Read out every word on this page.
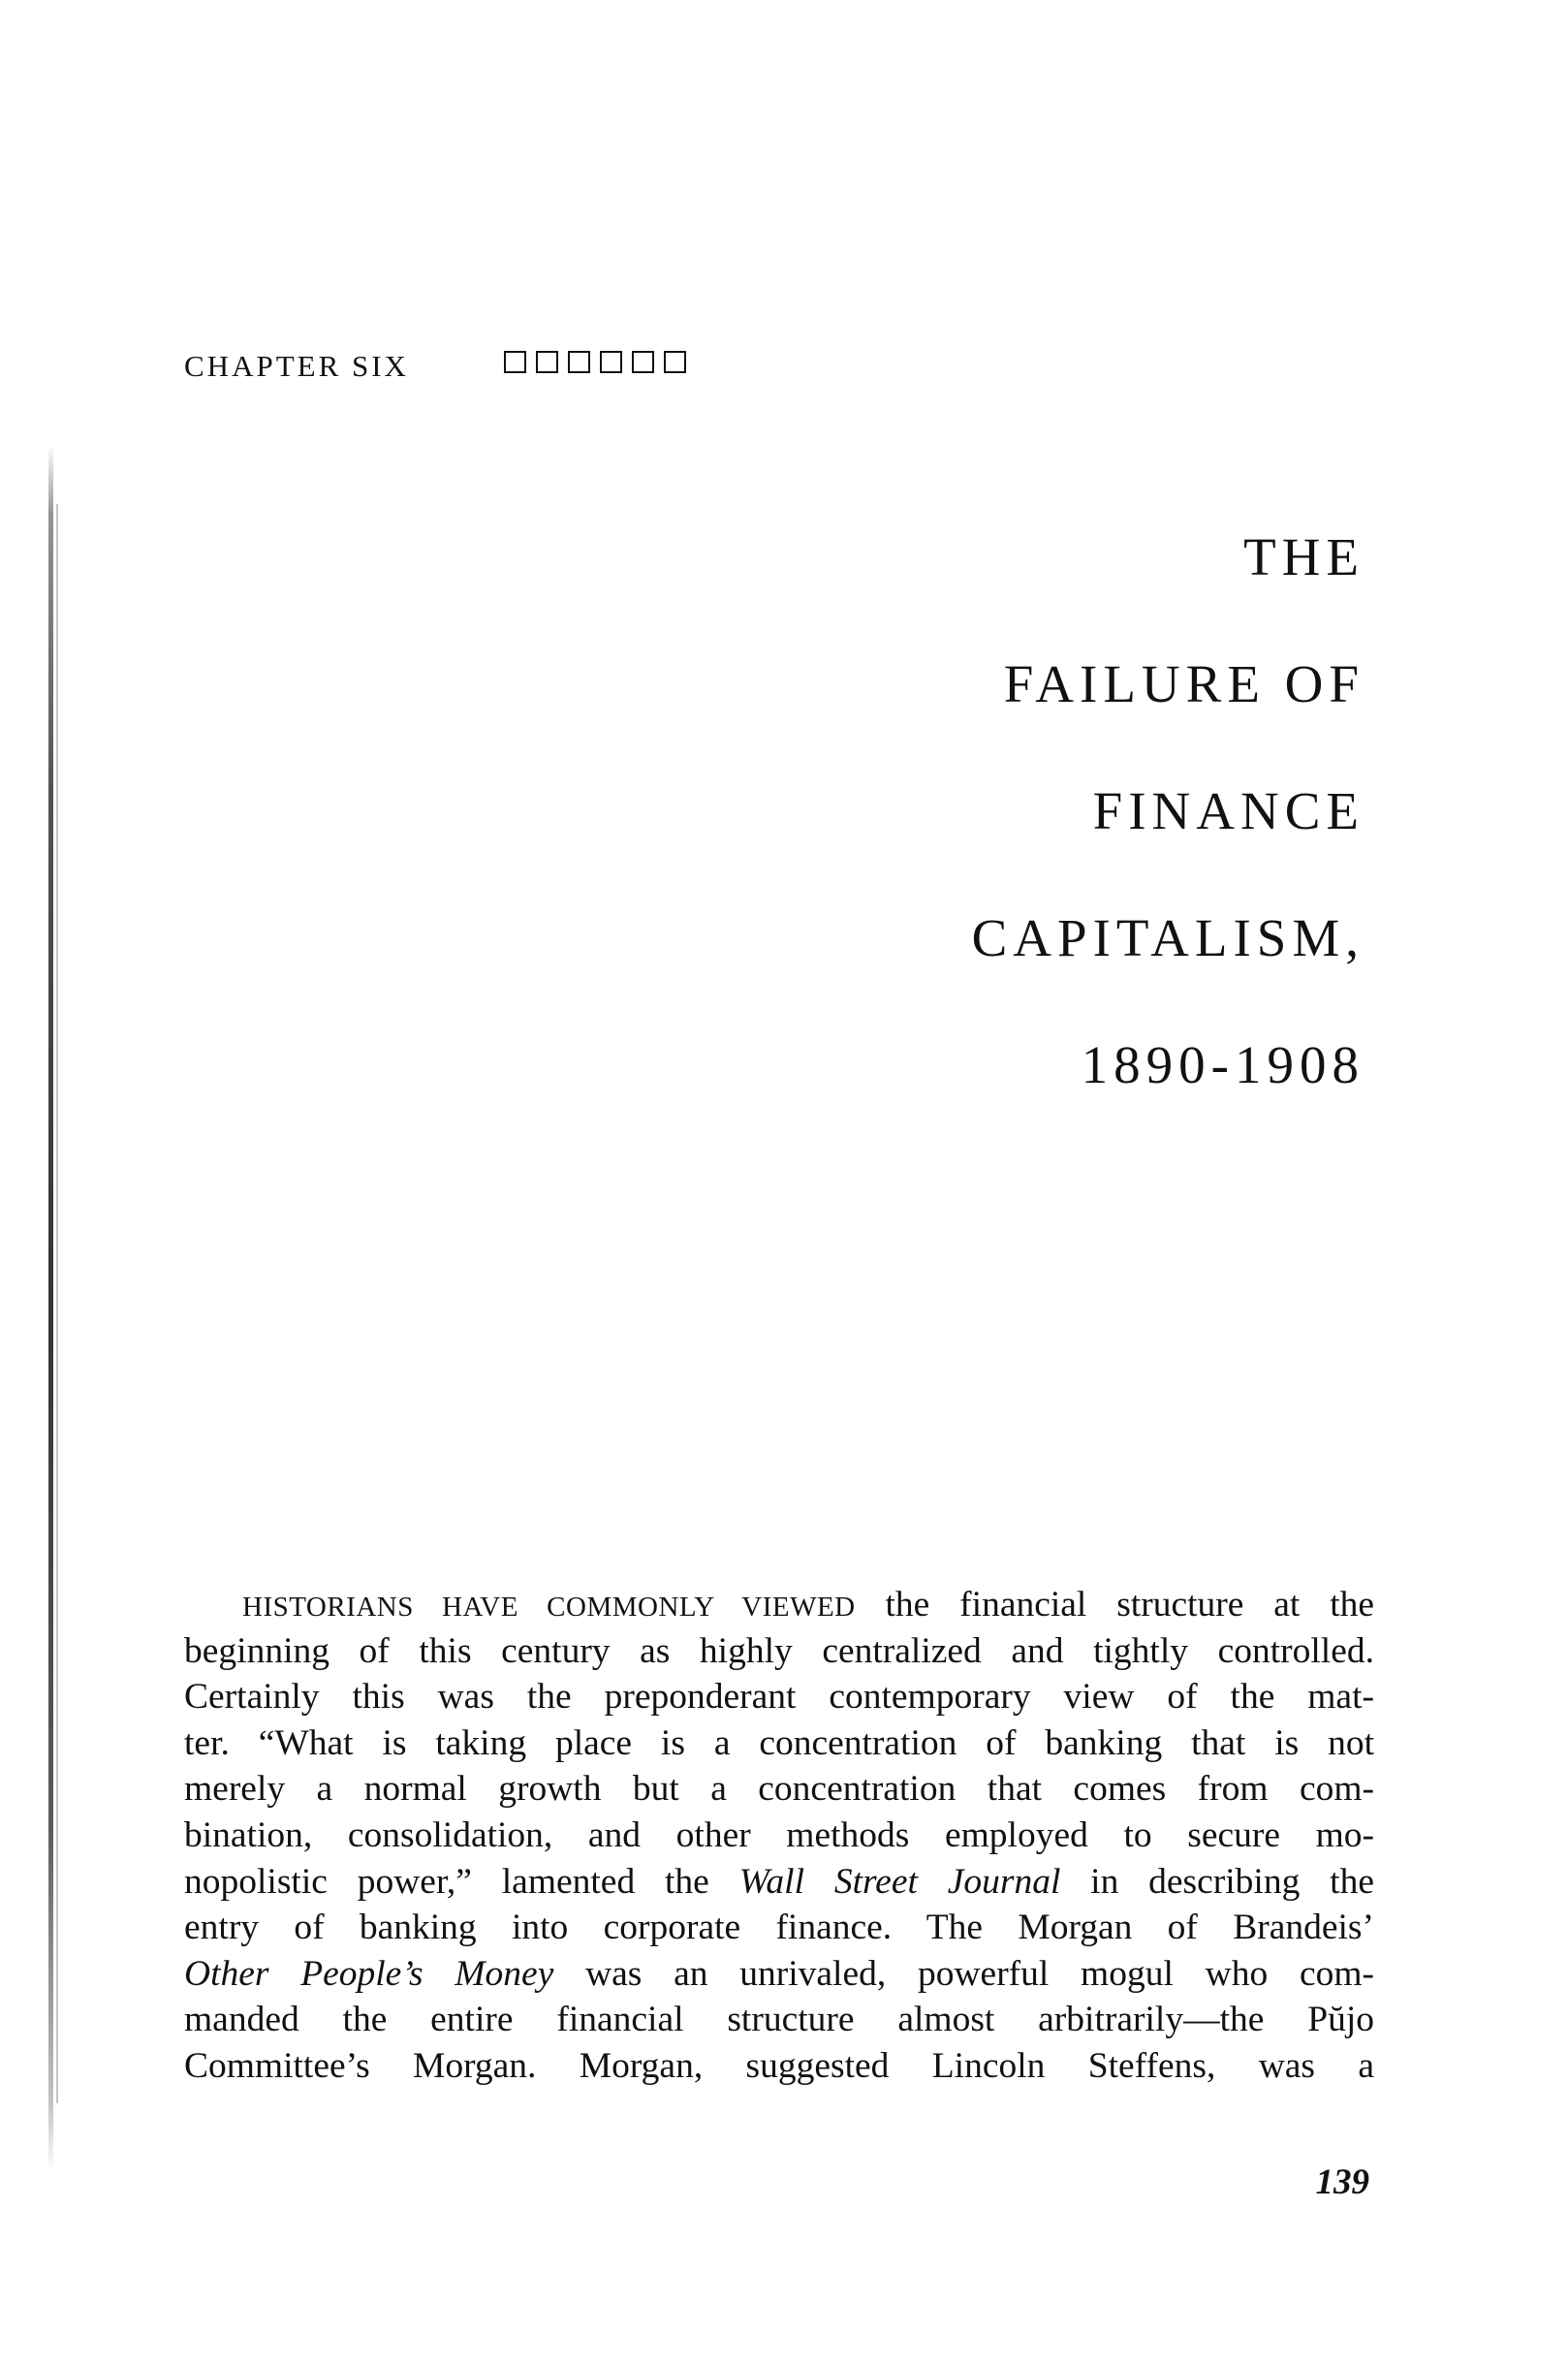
CHAPTER SIX
THE
FAILURE OF
FINANCE
CAPITALISM,
1890-1908
HISTORIANS HAVE COMMONLY VIEWED the financial structure at the
beginning of this century as highly centralized and tightly controlled.
Certainly this was the preponderant contemporary view of the mat-
ter. “What is taking place is a concentration of banking that is not
merely a normal growth but a concentration that comes from com-
bination, consolidation, and other methods employed to secure mo-
nopolistic power,” lamented the Wall Street Journal in describing the
entry of banking into corporate finance. The Morgan of Brandeis’
Other People’s Money was an unrivaled, powerful mogul who com-
manded the entire financial structure almost arbitrarily—the Pŭjo
Committee’s Morgan. Morgan, suggested Lincoln Steffens, was a
139
